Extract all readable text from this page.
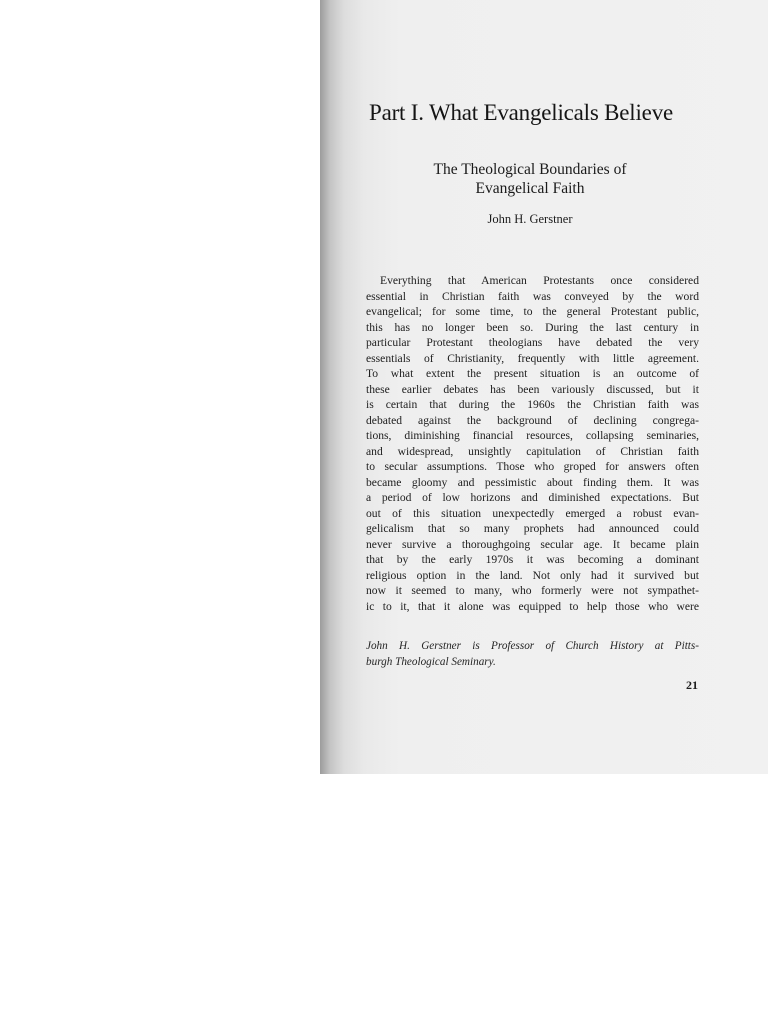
Part I. What Evangelicals Believe
The Theological Boundaries of
Evangelical Faith
John H. Gerstner
Everything that American Protestants once considered
essential in Christian faith was conveyed by the word
evangelical; for some time, to the general Protestant public,
this has no longer been so. During the last century in
particular Protestant theologians have debated the very
essentials of Christianity, frequently with little agreement.
To what extent the present situation is an outcome of
these earlier debates has been variously discussed, but it
is certain that during the 1960s the Christian faith was
debated against the background of declining congrega-
tions, diminishing financial resources, collapsing seminaries,
and widespread, unsightly capitulation of Christian faith
to secular assumptions. Those who groped for answers often
became gloomy and pessimistic about finding them. It was
a period of low horizons and diminished expectations. But
out of this situation unexpectedly emerged a robust evan-
gelicalism that so many prophets had announced could
never survive a thoroughgoing secular age. It became plain
that by the early 1970s it was becoming a dominant
religious option in the land. Not only had it survived but
now it seemed to many, who formerly were not sympathet-
ic to it, that it alone was equipped to help those who were
John H. Gerstner is Professor of Church History at Pitts-
burgh Theological Seminary.
21
